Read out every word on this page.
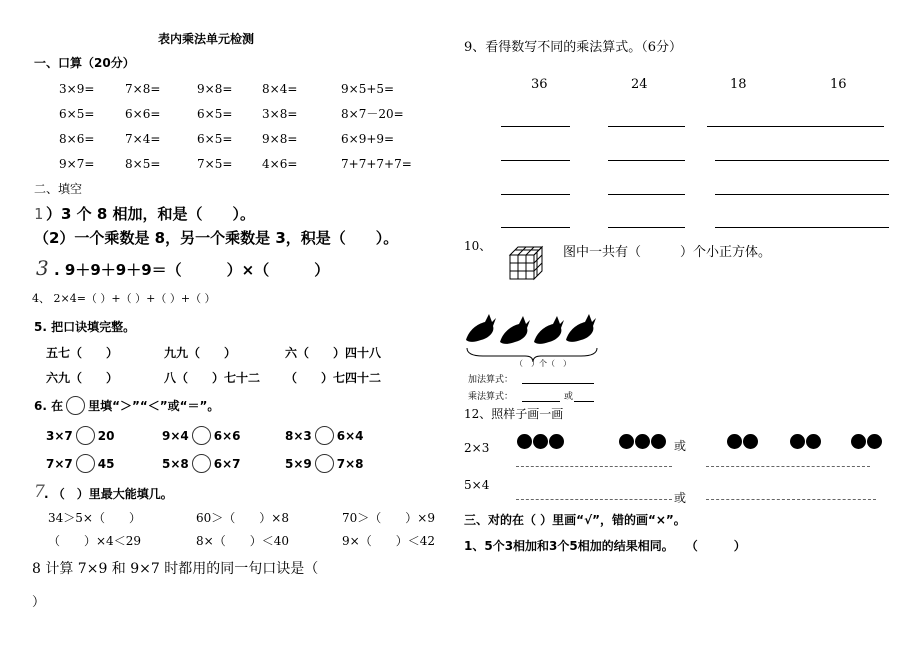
表内乘法单元检测
一、口算（20分）
3×9=	7×8=	9×8= 8×4=	9×5+5=
6×5=	6×6=	6×5= 3×8=	8×7－20=
8×6=	7×4=	6×5= 9×8=	6×9+9=
9×7=	8×5=	7×5= 4×6=	7+7+7+7=
二、填空
1 ）3 个 8 相加，和是（　　）。
（2）一个乘数是 8，另一个乘数是 3，积是（　　）。
3 . 9＋9＋9＋9＝（　　　）×（　　　）
4、 2×4=（ ）+（ ）+（ ）+（ ）
5. 把口诀填完整。
五七（　　）	九九（　　）	六（　　）四十八
六九（　　）	八（　　）七十二 （　　）七四十二
6. 在 里填“＞”“＜”或“＝”。
3×7 20	9×4 6×6	8×3 6×4
7×7 45	5×8 6×7	5×9 7×8
7 . （　）里最大能填几。
34＞5×（　　）	60＞（　　）×8	70＞（　　）×9
（　　）×4＜29	8×（　　）＜40	9×（　　）＜42
8 计算 7×9 和 9×7 时都用的同一句口诀是（
）
9、看得数写不同的乘法算式。（6分）
36	24	18	16
10、	图中一共有（　　　）个小正方体。
（　）个（　）
加法算式：
乘法算式：	或
12、照样子画一画
2×3	或
5×4
或
三、对的在（ ）里画“√”，错的画“×”。
1、5个3相加和3个5相加的结果相同。　　（　　　）
